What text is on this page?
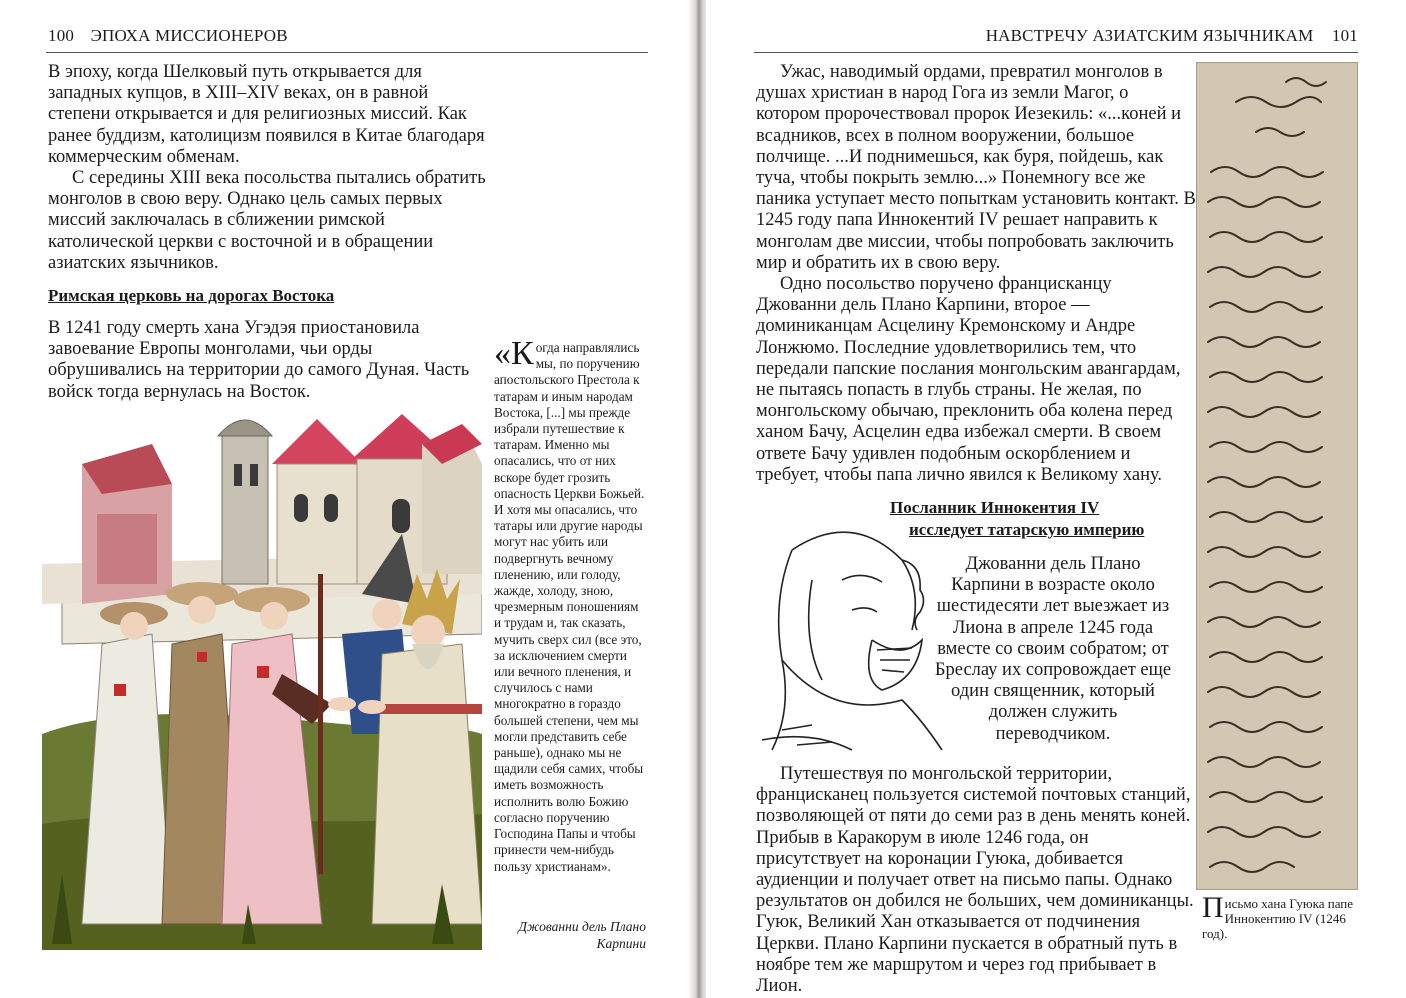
100 ЭПОХА МИССИОНЕРОВ

В эпоху, когда Шелковый путь открывается для западных купцов, в XIII–XIV веках, он в равной степени открывается и для религиозных миссий. Как ранее буддизм, католицизм появился в Китае благодаря коммерческим обменам.

С середины XIII века посольства пытались обратить монголов в свою веру. Однако цель самых первых миссий заключалась в сближении римской католической церкви с восточной и в обращении азиатских язычников.

Римская церковь на дорогах Востока

В 1241 году смерть хана Угэдэя приостановила завоевание Европы монголами, чьи орды обрушивались на территории до самого Дуная. Часть войск тогда вернулась на Восток.

«Когда направлялись мы, по поручению апостольского Престола к татарам и иным народам Востока, [...] мы прежде избрали путешествие к татарам. Именно мы опасались, что от них вскоре будет грозить опасность Церкви Божьей. И хотя мы опасались, что татары или другие народы могут нас убить или подвергнуть вечному пленению, или голоду, жажде, холоду, зною, чрезмерным поношениям и трудам и, так сказать, мучить сверх сил (все это, за исключением смерти или вечного пленения, и случилось с нами многократно в гораздо большей степени, чем мы могли представить себе раньше), однако мы не щадили себя самих, чтобы иметь возможность исполнить волю Божию согласно поручению Господина Папы и чтобы принести чем-нибудь пользу христианам».
Джованни дель Плано Карпини
НАВСТРЕЧУ АЗИАТСКИМ ЯЗЫЧНИКАМ 101

Ужас, наводимый ордами, превратил монголов в душах христиан в народ Гога из земли Магог, о котором пророчествовал пророк Иезекиль: «...коней и всадников, всех в полном вооружении, большое полчище. ...И поднимешься, как буря, пойдешь, как туча, чтобы покрыть землю...» Понемногу все же паника уступает место попыткам установить контакт. В 1245 году папа Иннокентий IV решает направить к монголам две миссии, чтобы попробовать заключить мир и обратить их в свою веру.

Одно посольство поручено францисканцу Джованни дель Плано Карпини, второе — доминиканцам Асцелину Кремонскому и Андре Лонжюмо. Последние удовлетворились тем, что передали папские послания монгольским авангардам, не пытаясь попасть в глубь страны. Не желая, по монгольскому обычаю, преклонить оба колена перед ханом Бачу, Асцелин едва избежал смерти. В своем ответе Бачу удивлен подобным оскорблением и требует, чтобы папа лично явился к Великому хану.

Посланник Иннокентия IV
исследует татарскую империю

Джованни дель Плано Карпини в возрасте около шестидесяти лет выезжает из Лиона в апреле 1245 года вместе со своим собратом; от Бреслау их сопровождает еще один священник, который должен служить переводчиком.

Путешествуя по монгольской территории, францисканец пользуется системой почтовых станций, позволяющей от пяти до семи раз в день менять коней. Прибыв в Каракорум в июле 1246 года, он присутствует на коронации Гуюка, добивается аудиенции и получает ответ на письмо папы. Однако результатов он добился не больших, чем доминиканцы. Гуюк, Великий Хан отказывается от подчинения Церкви. Плано Карпини пускается в обратный путь в ноябре тем же маршрутом и через год прибывает в Лион.

Письмо хана Гуюка папе Иннокентию IV (1246 год).
